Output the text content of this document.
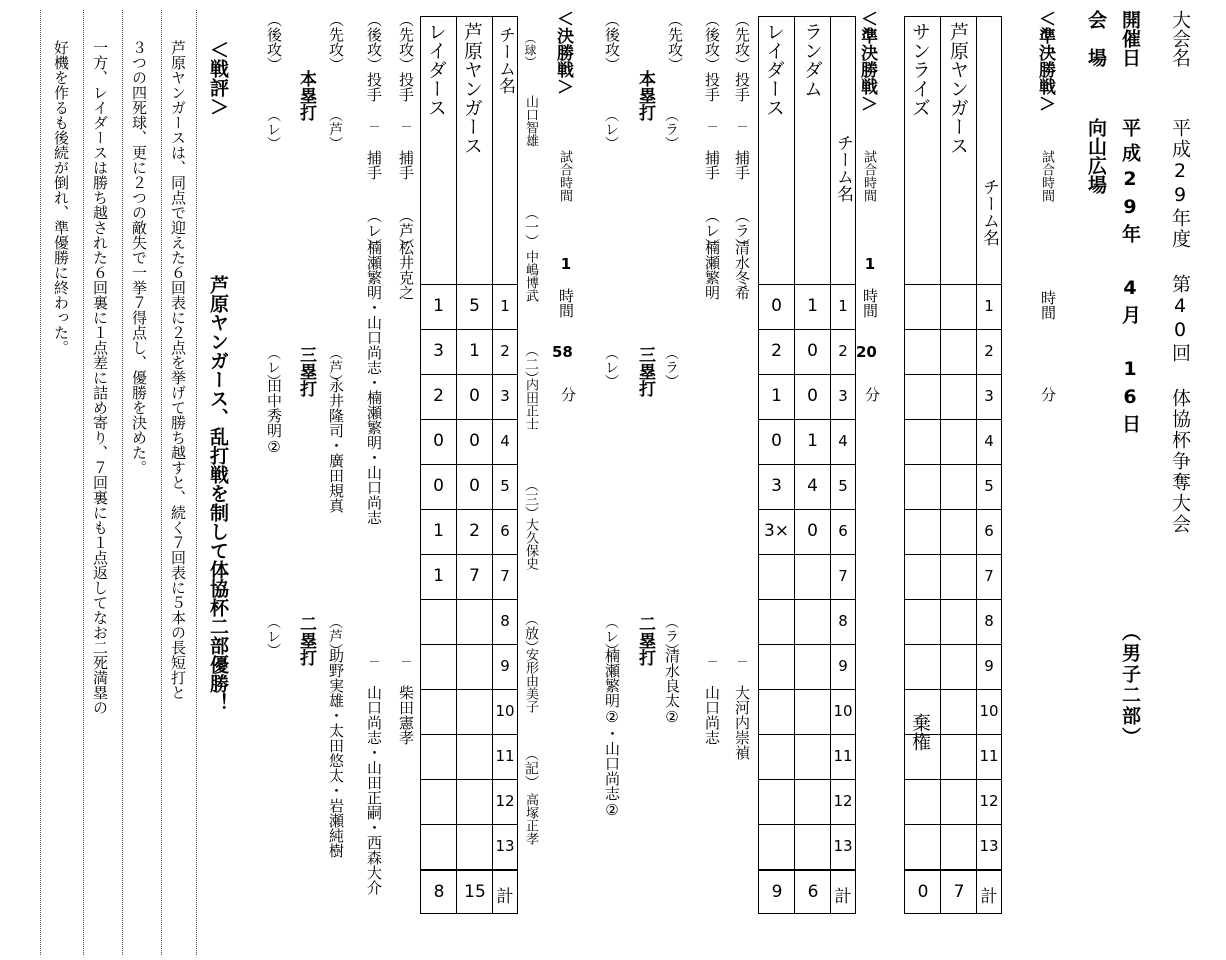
大会名
平成29年度 第40回 体協杯争奪大会
開催日
平成29年 4月 16日
会　場
向山広場
（男子二部）
＜準決勝戦＞
試合時間
時間
分
1
2
3
4
5
6
7
8
9
10
11
12
13
チーム名
芦原ヤンガース
サンライズ
棄権
計
7
0
＜準決勝戦＞
試合時間
1
時間
20
分
1
1
0
2
0
2
3
0
1
4
1
0
5
4
3
6
0
3×
7
8
9
10
11
12
13
チーム名
ランダム
レイダース
計
6
9
（先攻）投手 － 捕手
（ラ）
清水冬希
－ 大河内崇禎
（後攻）投手 － 捕手
（レ）
楠瀬繁明
－ 山口尚志
（先攻）
（後攻）
本塁打
（ラ）
（レ）
（ラ）
三塁打
（レ）
（ラ）
清水良太②
二塁打
（レ）
楠瀬繁明②・山口尚志②
＜決勝戦＞
試合時間
1
時間
58
分
1
5
1
2
1
3
3
0
2
4
0
0
5
0
0
6
2
1
7
7
1
8
9
10
11
12
13
チーム名
芦原ヤンガース
レイダース
計
15
8
（球）
山口智雄
（一）
中嶋博武
（二）
内田正士
（三）
大久保史
（放）
安形由美子
（記）
高塚正孝
（先攻）投手 － 捕手
（芦）
松井克之
－ 柴田憲孝
（後攻）投手 － 捕手
（レ）
楠瀬繁明・山口尚志・楠瀬繁明・山口尚志
－ 山口尚志・山田正嗣・西森大介
（先攻）
（後攻）
本塁打
（芦）
（レ）
（芦）
永井隆司・廣田規真
三塁打
（レ）
田中秀明②
（芦）
助野実雄・太田悠太・岩瀬純樹
二塁打
（レ）
＜戦評＞
芦原ヤンガース、乱打戦を制して体協杯二部優勝！
芦原ヤンガースは、同点で迎えた６回表に２点を挙げて勝ち越すと、続く７回表に５本の長短打と
３つの四死球、更に２つの敵失で一挙７得点し、優勝を決めた。
一方、レイダースは勝ち越された６回裏に１点差に詰め寄り、７回裏にも１点返してなお二死満塁の
好機を作るも後続が倒れ、準優勝に終わった。
